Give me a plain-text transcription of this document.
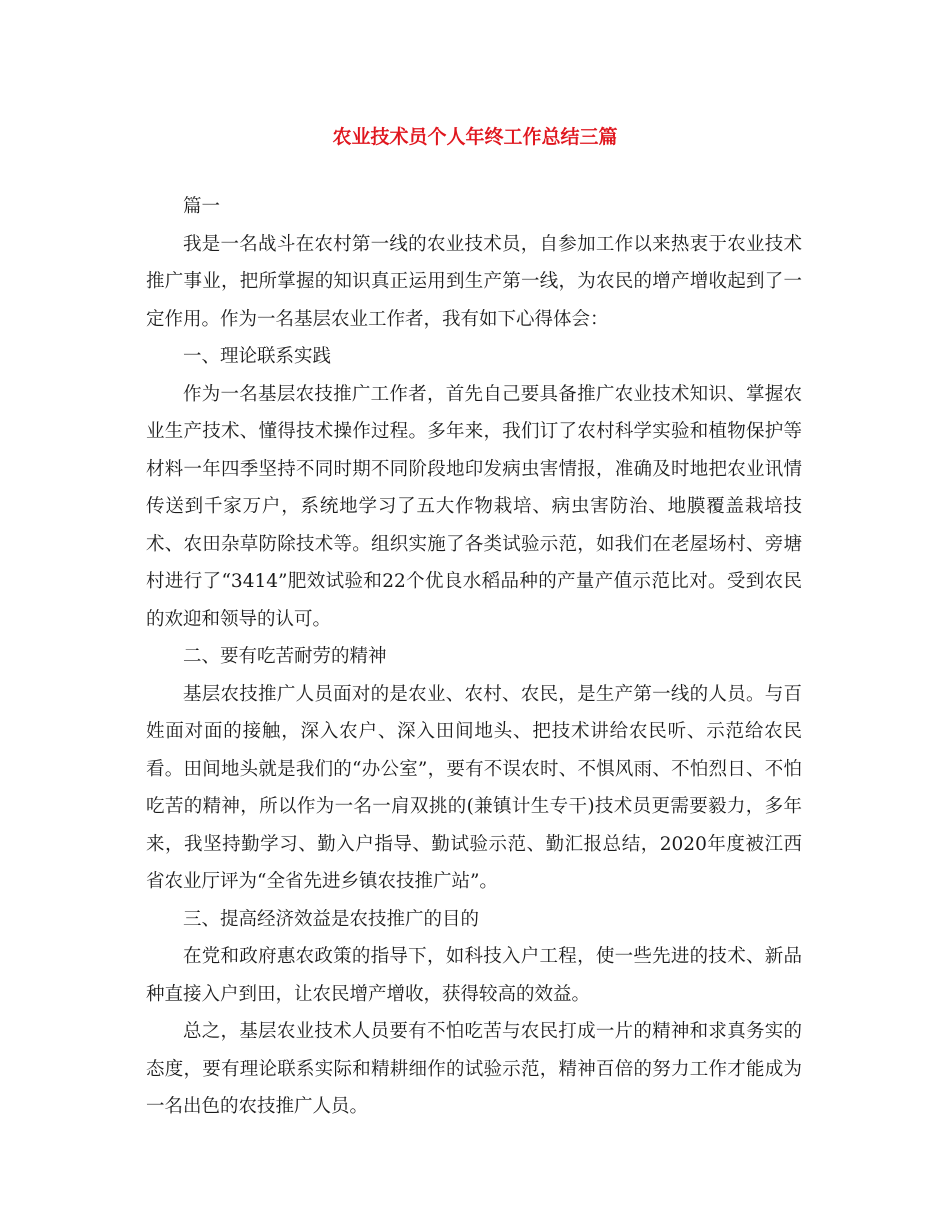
农业技术员个人年终工作总结三篇

篇一

我是一名战斗在农村第一线的农业技术员，自参加工作以来热衷于农业技术推广事业，把所掌握的知识真正运用到生产第一线，为农民的增产增收起到了一定作用。作为一名基层农业工作者，我有如下心得体会：

一、理论联系实践

作为一名基层农技推广工作者，首先自己要具备推广农业技术知识、掌握农业生产技术、懂得技术操作过程。多年来，我们订了农村科学实验和植物保护等材料一年四季坚持不同时期不同阶段地印发病虫害情报，准确及时地把农业讯情传送到千家万户，系统地学习了五大作物栽培、病虫害防治、地膜覆盖栽培技术、农田杂草防除技术等。组织实施了各类试验示范，如我们在老屋场村、旁塘村进行了“3414”肥效试验和22个优良水稻品种的产量产值示范比对。受到农民的欢迎和领导的认可。

二、要有吃苦耐劳的精神

基层农技推广人员面对的是农业、农村、农民，是生产第一线的人员。与百姓面对面的接触，深入农户、深入田间地头、把技术讲给农民听、示范给农民看。田间地头就是我们的“办公室”，要有不误农时、不惧风雨、不怕烈日、不怕吃苦的精神，所以作为一名一肩双挑的(兼镇计生专干)技术员更需要毅力，多年来，我坚持勤学习、勤入户指导、勤试验示范、勤汇报总结，2020年度被江西省农业厅评为“全省先进乡镇农技推广站”。

三、提高经济效益是农技推广的目的

在党和政府惠农政策的指导下，如科技入户工程，使一些先进的技术、新品种直接入户到田，让农民增产增收，获得较高的效益。

总之，基层农业技术人员要有不怕吃苦与农民打成一片的精神和求真务实的态度，要有理论联系实际和精耕细作的试验示范，精神百倍的努力工作才能成为一名出色的农技推广人员。
